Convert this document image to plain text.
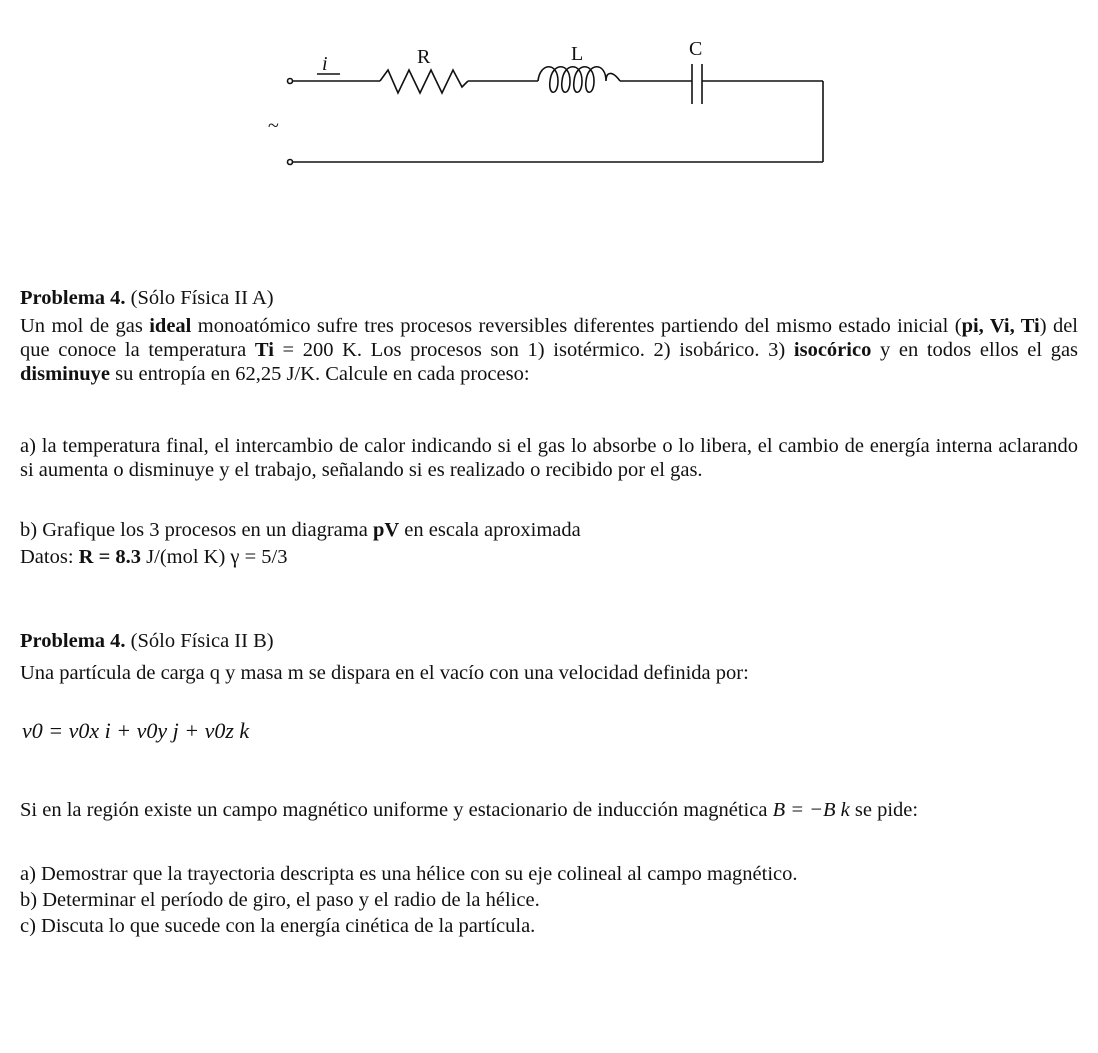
i	R	L	C
~
Problema 4. (Sólo Física II A)

Un mol de gas ideal monoatómico sufre tres procesos reversibles diferentes partiendo del mismo estado inicial (pi, Vi, Ti) del que conoce la temperatura Ti = 200 K. Los procesos son 1) isotérmico. 2) isobárico. 3) isocórico y en todos ellos el gas disminuye su entropía en 62,25 J/K. Calcule en cada proceso:

a) la temperatura final, el intercambio de calor indicando si el gas lo absorbe o lo libera, el cambio de energía interna aclarando si aumenta o disminuye y el trabajo, señalando si es realizado o recibido por el gas.

b) Grafique los 3 procesos en un diagrama pV en escala aproximada

Datos: R = 8.3 J/(mol K) γ = 5/3

Problema 4. (Sólo Física II B)

Una partícula de carga q y masa m se dispara en el vacío con una velocidad definida por:

v0 = v0x i + v0y j + v0z k

Si en la región existe un campo magnético uniforme y estacionario de inducción magnética B = −B k se pide:

a) Demostrar que la trayectoria descripta es una hélice con su eje colineal al campo magnético.

b) Determinar el período de giro, el paso y el radio de la hélice.

c) Discuta lo que sucede con la energía cinética de la partícula.
